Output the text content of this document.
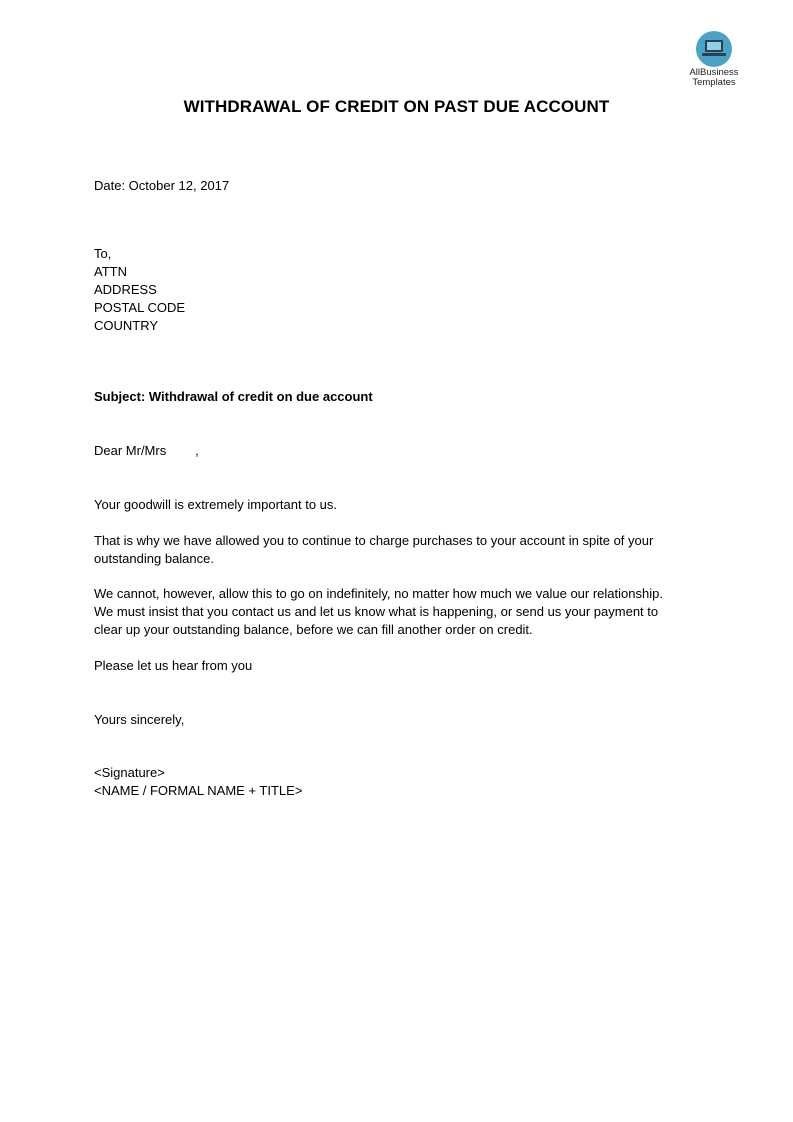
AllBusiness
Templates
WITHDRAWAL OF CREDIT ON PAST DUE ACCOUNT
Date: October 12, 2017
To,
ATTN
ADDRESS
POSTAL CODE
COUNTRY
Subject: Withdrawal of credit on due account
Dear Mr/Mrs        ,
Your goodwill is extremely important to us.
That is why we have allowed you to continue to charge purchases to your account in spite of your
outstanding balance.
We cannot, however, allow this to go on indefinitely, no matter how much we value our relationship.
We must insist that you contact us and let us know what is happening, or send us your payment to
clear up your outstanding balance, before we can fill another order on credit.
Please let us hear from you
Yours sincerely,
<Signature>
<NAME / FORMAL NAME + TITLE>
